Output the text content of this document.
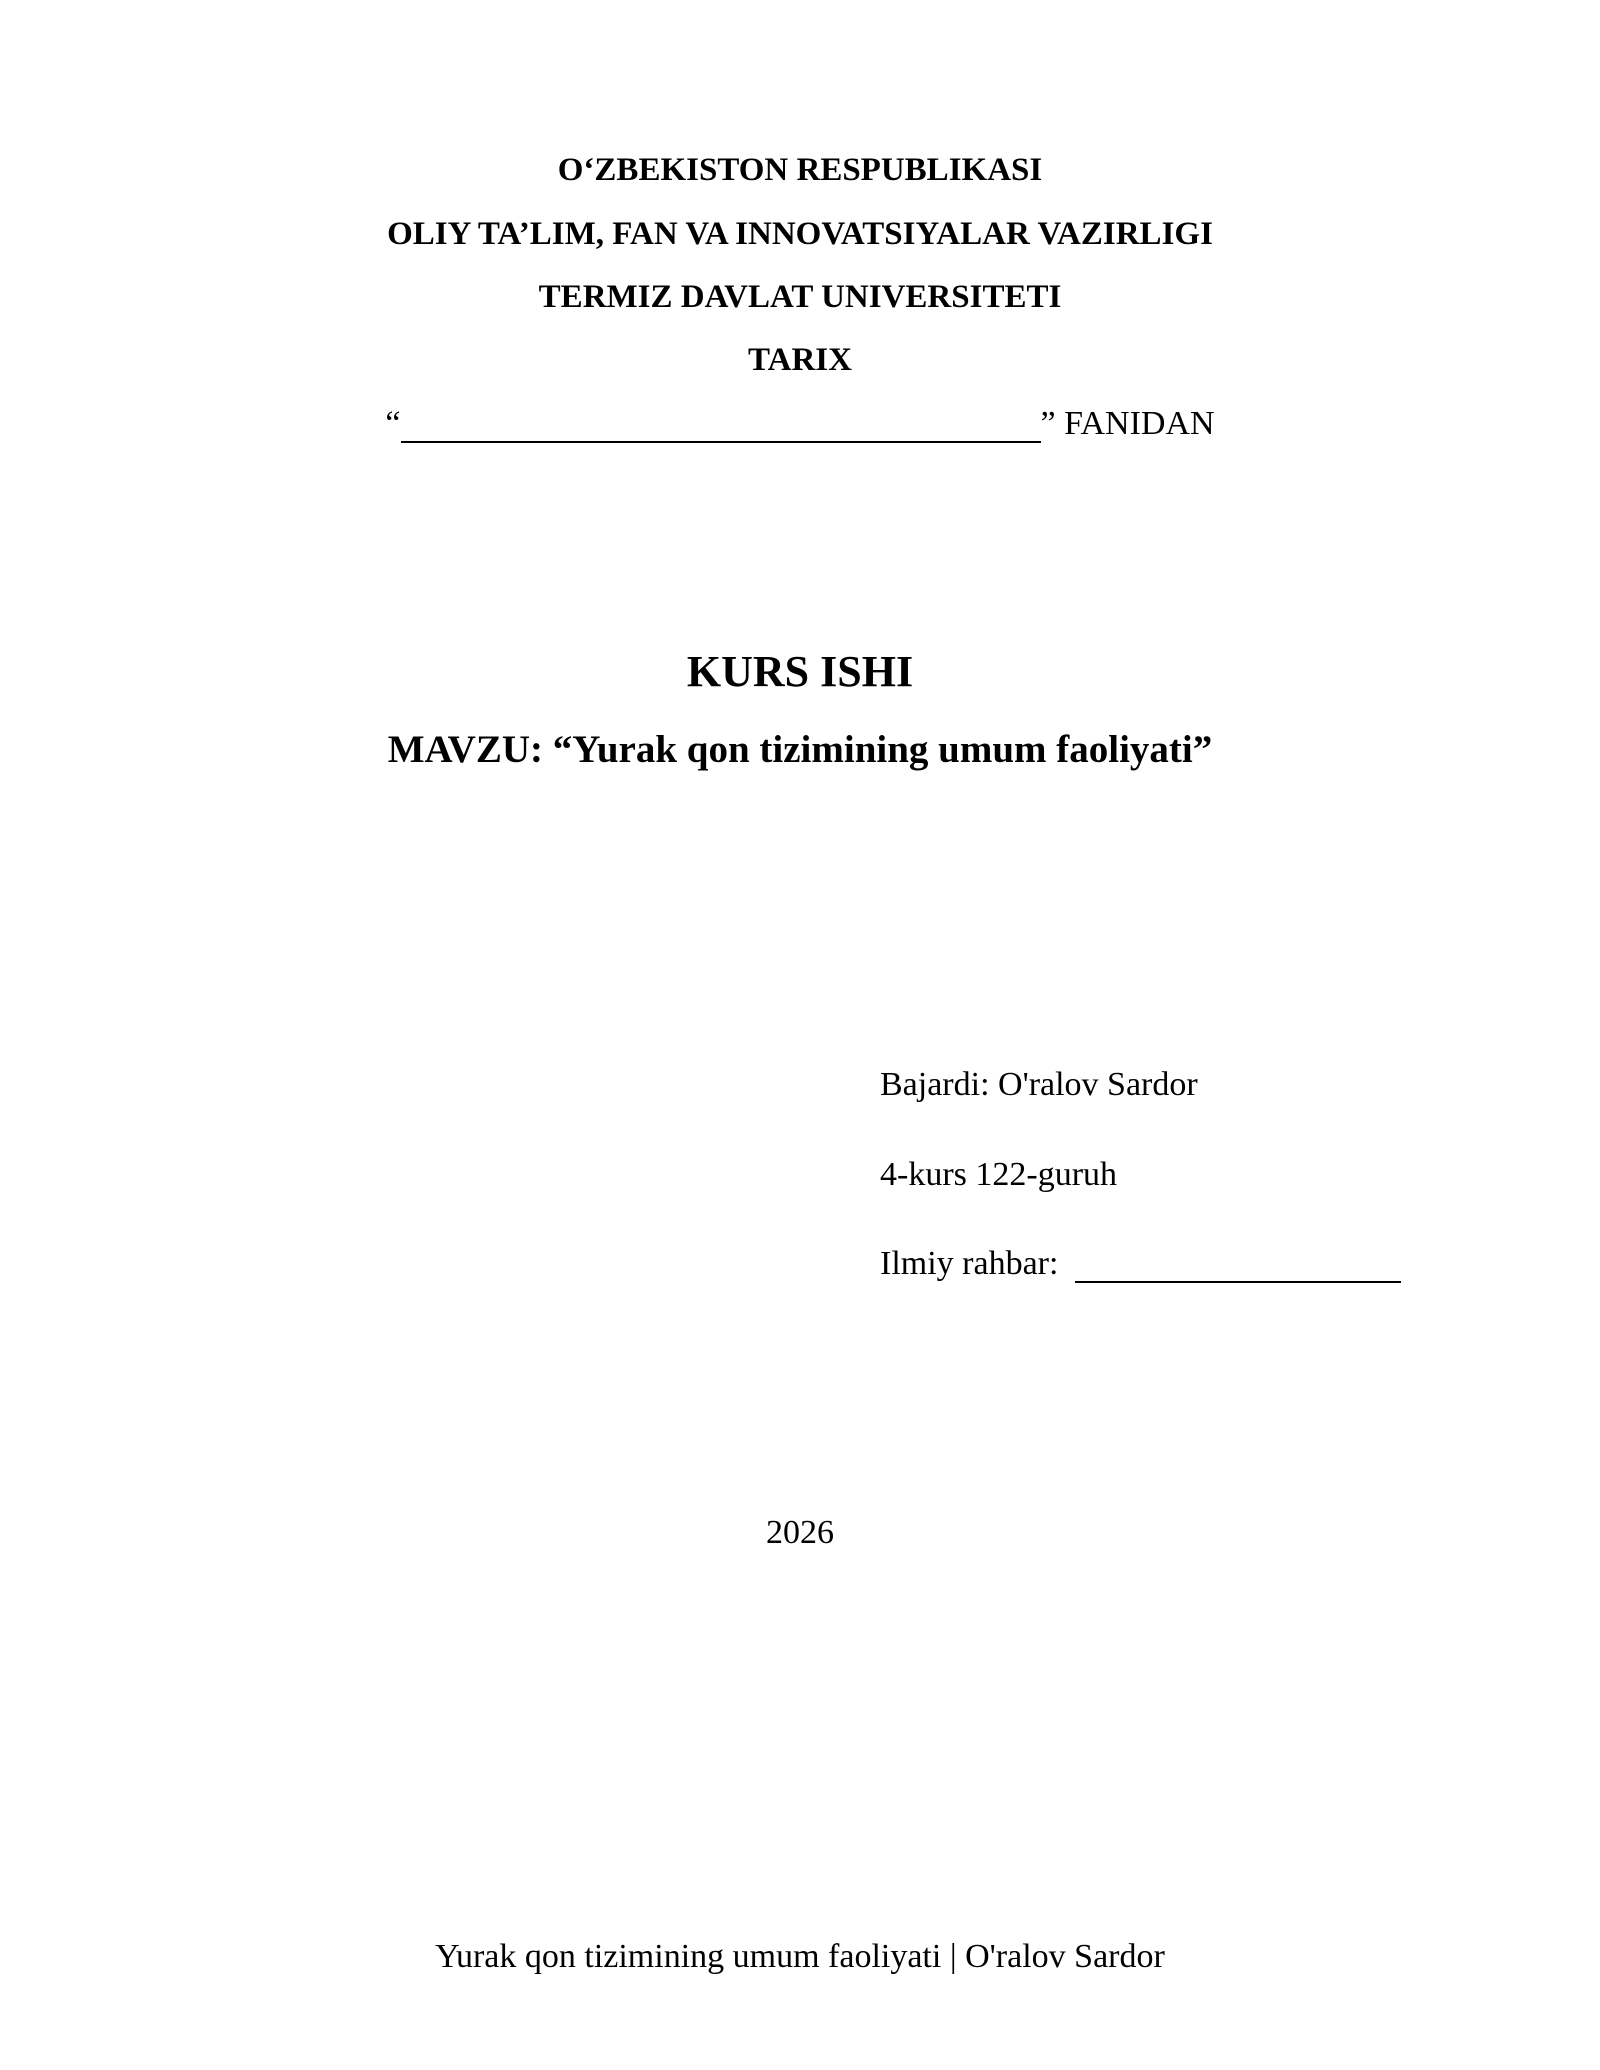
O‘ZBEKISTON RESPUBLIKASI
OLIY TA’LIM, FAN VA INNOVATSIYALAR VAZIRLIGI
TERMIZ DAVLAT UNIVERSITETI
TARIX
“	” FANIDAN
KURS ISHI
MAVZU: “Yurak qon tizimining umum faoliyati”
Bajardi: O'ralov Sardor
4-kurs 122-guruh
Ilmiy rahbar:
2026
Yurak qon tizimining umum faoliyati | O'ralov Sardor
